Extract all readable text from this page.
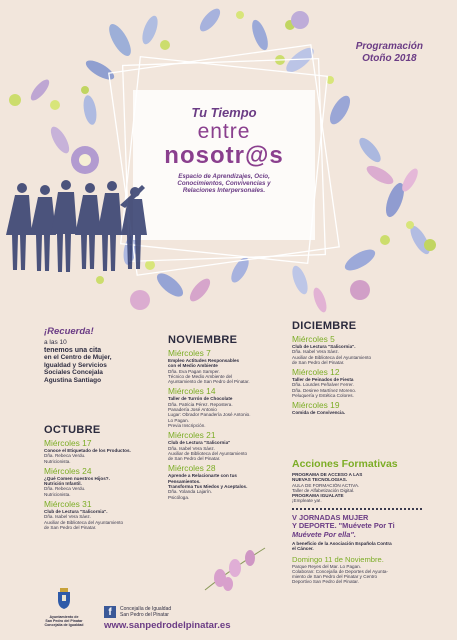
Programación
Otoño 2018
Tu Tiempo
entre
nosotr@s
Espacio de Aprendizajes, Ocio,
Conocimientos, Convivencias y
Relaciones Interpersonales.
¡Recuerda!
a las 10
tenemos una cita
en el Centro de Mujer,
Igualdad y Servicios
Sociales Concejala
Agustina Santiago
OCTUBRE
Miércoles 17

Conoce el Etiquetado de los Productos.

Dña. Rebeca Verdu.

Nutricionista.

Miércoles 24

¿Qué Comen nuestros Hijos?.

Nutrición Infantil.

Dña. Rebeca Verdu.

Nutricionista.

Miércoles 31

Club de Lectura "Salicornia".

Dña. Isabel Vera Sáez.

Auxiliar de Biblioteca del Ayuntamiento

de San Pedro del Pinatar.

NOVIEMBRE
Miércoles 7

Empleo Actitudes Responsables

con el Medio Ambiente

Dña. Eva Pagan Samper.

Técnico de Medio Ambiente del

Ayuntamiento de San Pedro del Pinatar.

Miércoles 14

Taller de Turrón de Chocolate

Dña. Patricia Pérez. Repostera.

Panadería José Antonio

Lugar: Obrador Panadería José Antonio.

Lo Pagan.

Previa Inscripción.

Miércoles 21

Club de Lectura "Salicornia"

Dña. Isabel Vera Sáez.

Auxiliar de Biblioteca del Ayuntamiento

de San Pedro del Pinatar.

Miércoles 28

Aprende a Relacionarte con tus

Pensamientos.

Transforma Tus Miedos y Aceptalos.

Dña. Yolanda Lajarín.

Psicóloga.

DICIEMBRE
Miércoles 5

Club de Lectura "Salicornia".

Dña. Isabel Vera Sáez.

Auxiliar de Biblioteca del Ayuntamiento

de San Pedro del Pinatar.

Miércoles 12

Taller de Peinados de Fiesta

Dña. Lourdes Peñalver Ferrer.

Dña. Desiree Martínez Moreno.

Peluquería y Estética Colores.

Miércoles 19

Comida de Convivencia.

Acciones Formativas

PROGRAMA DE ACCESO A LAS

NUEVAS TECNOLOGIAS.

AULA DE FORMACIÓN ACTIVA.

Taller de Alfabetización Digital.

PROGRAMA IGUALATE

¡Empleate ya!.

V JORNADAS MUJER
Y DEPORTE. "Muévete Por Ti
Muévete Por ella".

A beneficio de la Asociación Española Contra

el Cáncer.

Domingo 11 de Noviembre.

Parque Reyes del Mar. Lo Pagan.

Colaboran: Concejalía de Deportes del Ayunta-

miento de San Pedro del Pinatar y Centro

Deportivo San Pedro del Pinatar.

Ayuntamiento de
San Pedro del Pinatar
Concejalía de Igualdad
f	Concejalía de Igualdad
San Pedro del Pinatar
www.sanpedrodelpinatar.es
